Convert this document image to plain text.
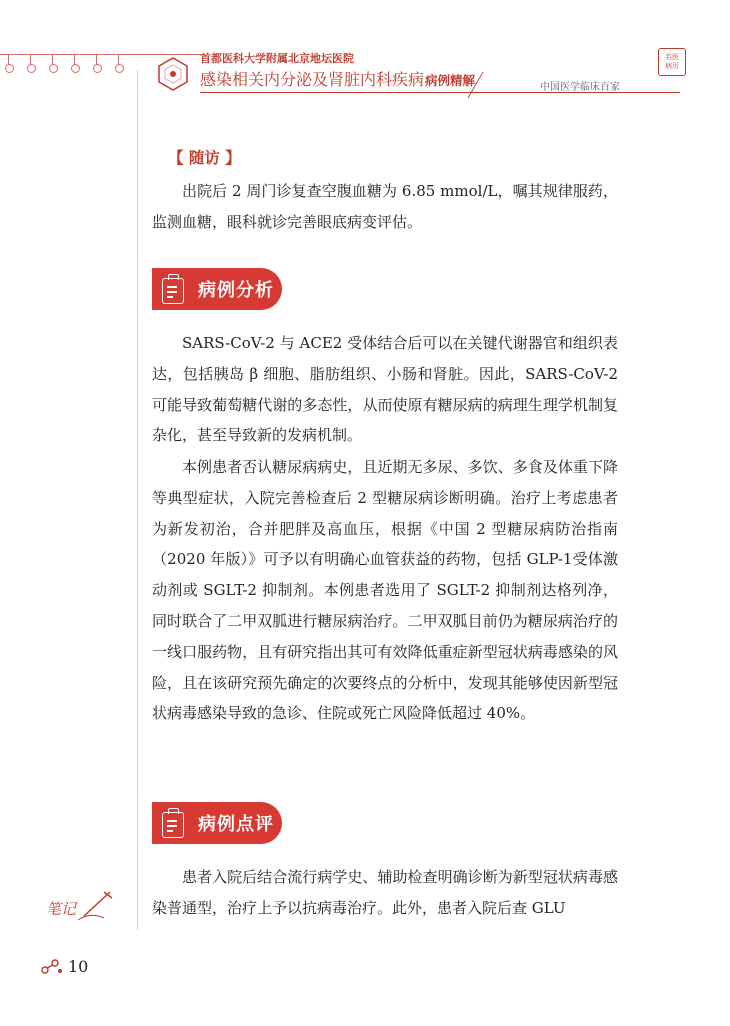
首都医科大学附属北京地坛医院
感染相关内分泌及肾脏内科疾病 病例精解
名医
病历
中国医学临床百家
【 随访 】
出院后 2 周门诊复查空腹血糖为 6.85 mmol/L，嘱其规律服药，监测血糖，眼科就诊完善眼底病变评估。
病例分析
SARS-CoV-2 与 ACE2 受体结合后可以在关键代谢器官和组织表达，包括胰岛 β 细胞、脂肪组织、小肠和肾脏。因此，SARS-CoV-2可能导致葡萄糖代谢的多态性，从而使原有糖尿病的病理生理学机制复杂化，甚至导致新的发病机制。
本例患者否认糖尿病病史，且近期无多尿、多饮、多食及体重下降等典型症状，入院完善检查后 2 型糖尿病诊断明确。治疗上考虑患者为新发初治，合并肥胖及高血压，根据《中国 2 型糖尿病防治指南（2020 年版）》可予以有明确心血管获益的药物，包括 GLP-1受体激动剂或 SGLT-2 抑制剂。本例患者选用了 SGLT-2 抑制剂达格列净，同时联合了二甲双胍进行糖尿病治疗。二甲双胍目前仍为糖尿病治疗的一线口服药物，且有研究指出其可有效降低重症新型冠状病毒感染的风险，且在该研究预先确定的次要终点的分析中，发现其能够使因新型冠状病毒感染导致的急诊、住院或死亡风险降低超过 40%。
病例点评
患者入院后结合流行病学史、辅助检查明确诊断为新型冠状病毒感染普通型，治疗上予以抗病毒治疗。此外，患者入院后查 GLU
笔记
10
